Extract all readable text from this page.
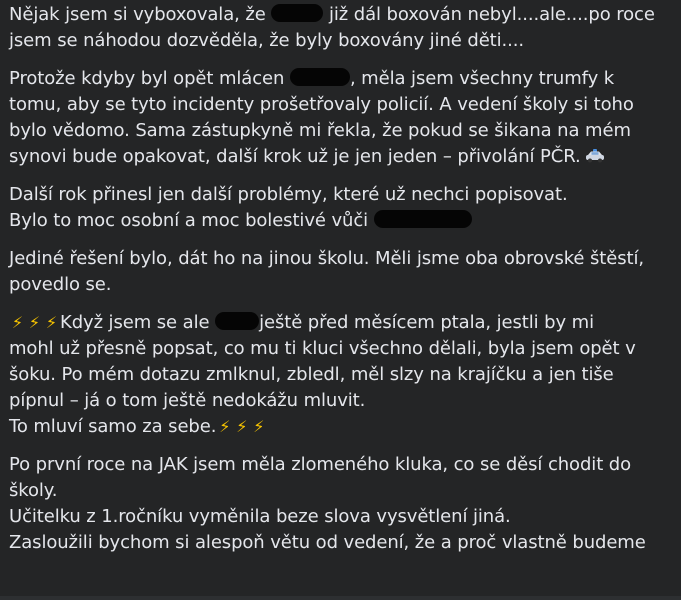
Nějak jsem si vyboxovala, že	již dál boxován nebyl....ale....po roce
jsem se náhodou dozvěděla, že byly boxovány jiné děti....

Protože kdyby byl opět mlácen	, měla jsem všechny trumfy k
tomu, aby se tyto incidenty prošetřovaly policií. A vedení školy si toho
bylo vědomo. Sama zástupkyně mi řekla, že pokud se šikana na mém
synovi bude opakovat, další krok už je jen jeden – přivolání PČR.

Další rok přinesl jen další problémy, které už nechci popisovat.
Bylo to moc osobní a moc bolestivé vůči

Jediné řešení bylo, dát ho na jinou školu. Měli jsme oba obrovské štěstí,
povedlo se.

⚡ ⚡ ⚡ Když jsem se ale	ještě před měsícem ptala, jestli by mi
mohl už přesně popsat, co mu ti kluci všechno dělali, byla jsem opět v
šoku. Po mém dotazu zmlknul, zbledl, měl slzy na krajíčku a jen tiše
pípnul – já o tom ještě nedokážu mluvit.
To mluví samo za sebe. ⚡ ⚡ ⚡

Po první roce na JAK jsem měla zlomeného kluka, co se děsí chodit do
školy.
Učitelku z 1.ročníku vyměnila beze slova vysvětlení jiná.
Zasloužili bychom si alespoň větu od vedení, že a proč vlastně budeme
